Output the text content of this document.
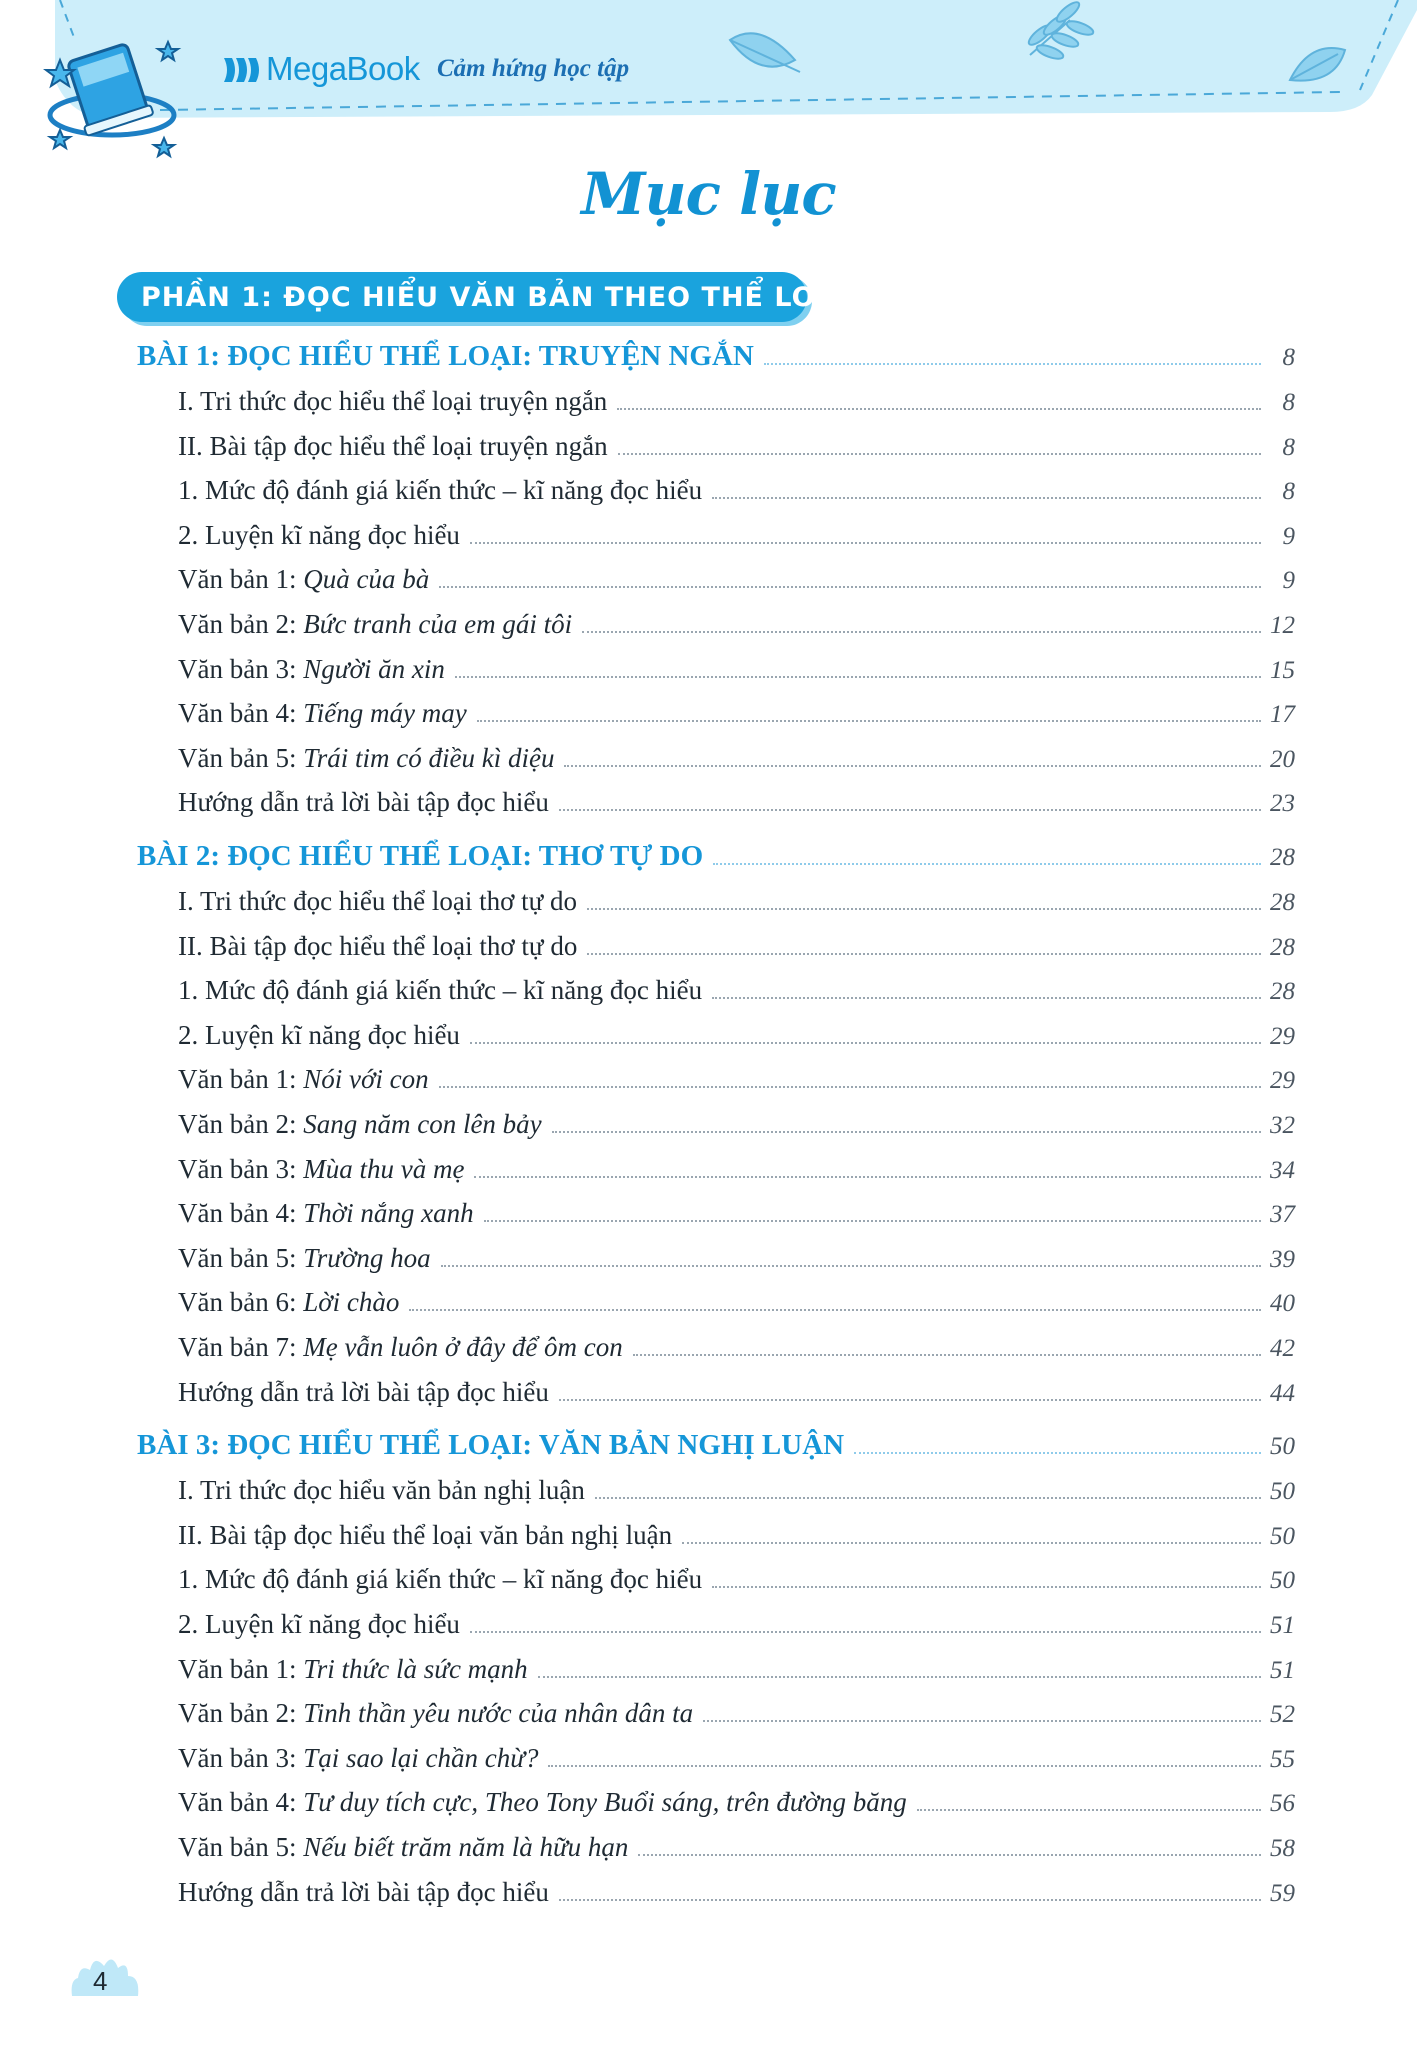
MegaBook Cảm hứng học tập
Mục lục
PHẦN 1: ĐỌC HIỂU VĂN BẢN THEO THỂ LOẠI
BÀI 1: ĐỌC HIỂU THỂ LOẠI: TRUYỆN NGẮN	8
I. Tri thức đọc hiểu thể loại truyện ngắn	8
II. Bài tập đọc hiểu thể loại truyện ngắn	8
1. Mức độ đánh giá kiến thức – kĩ năng đọc hiểu	8
2. Luyện kĩ năng đọc hiểu	9
Văn bản 1: Quà của bà	9
Văn bản 2: Bức tranh của em gái tôi	12
Văn bản 3: Người ăn xin	15
Văn bản 4: Tiếng máy may	17
Văn bản 5: Trái tim có điều kì diệu	20
Hướng dẫn trả lời bài tập đọc hiểu	23
BÀI 2: ĐỌC HIỂU THỂ LOẠI: THƠ TỰ DO	28
I. Tri thức đọc hiểu thể loại thơ tự do	28
II. Bài tập đọc hiểu thể loại thơ tự do	28
1. Mức độ đánh giá kiến thức – kĩ năng đọc hiểu	28
2. Luyện kĩ năng đọc hiểu	29
Văn bản 1: Nói với con	29
Văn bản 2: Sang năm con lên bảy	32
Văn bản 3: Mùa thu và mẹ	34
Văn bản 4: Thời nắng xanh	37
Văn bản 5: Trường hoa	39
Văn bản 6: Lời chào	40
Văn bản 7: Mẹ vẫn luôn ở đây để ôm con	42
Hướng dẫn trả lời bài tập đọc hiểu	44
BÀI 3: ĐỌC HIỂU THỂ LOẠI: VĂN BẢN NGHỊ LUẬN	50
I. Tri thức đọc hiểu văn bản nghị luận	50
II. Bài tập đọc hiểu thể loại văn bản nghị luận	50
1. Mức độ đánh giá kiến thức – kĩ năng đọc hiểu	50
2. Luyện kĩ năng đọc hiểu	51
Văn bản 1: Tri thức là sức mạnh	51
Văn bản 2: Tinh thần yêu nước của nhân dân ta	52
Văn bản 3: Tại sao lại chần chừ?	55
Văn bản 4: Tư duy tích cực, Theo Tony Buổi sáng, trên đường băng	56
Văn bản 5: Nếu biết trăm năm là hữu hạn	58
Hướng dẫn trả lời bài tập đọc hiểu	59
4
